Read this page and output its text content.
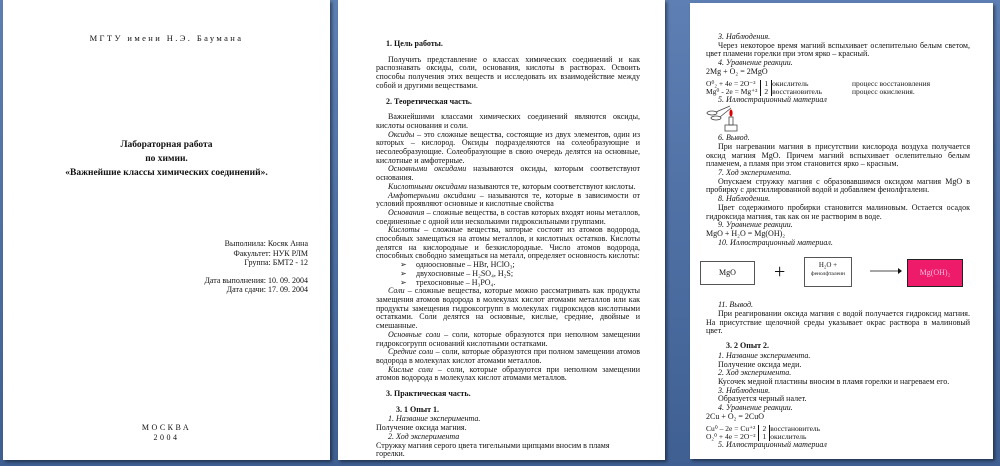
МГТУ имени Н.Э. Баумана
Лабораторная работа
по химии.
«Важнейшие классы химических соединений».
Выполнила: Косяк Анна
Факультет: НУК РЛМ
Группа: БМТ2 - 12
Дата выполнения: 10. 09. 2004
Дата сдачи: 17. 09. 2004
МОСКВА
2004
1. Цель работы.
Получить представление о классах химических соединений и как распознавать оксиды, соли, основания, кислоты в растворах. Освоить способы получения этих веществ и исследовать их взаимодействие между собой и другими веществами.
2. Теоретическая часть.
Важнейшими классами химических соединений являются оксиды, кислоты основания и соли.
Оксиды – это сложные вещества, состоящие из двух элементов, один из которых – кислород. Оксиды подразделяются на солеобразующие и несолеобразующие. Солеобразующие в свою очередь делятся на основные, кислотные и амфотерные.
Основными оксидами называются оксиды, которым соответствуют основания.
Кислотными оксидами называются те, которым соответствуют кислоты.
Амфотерными оксидами – называются те, которые в зависимости от условий проявляют основные и кислотные свойства
Основания – сложные вещества, в состав которых входят ионы металлов, соединенные с одной или несколькими гидроксильными группами.
Кислоты – сложные вещества, которые состоят из атомов водорода, способных замещаться на атомы металлов, и кислотных остатков. Кислоты делятся на кислородные и безкислородные. Число атомов водорода, способных свободно замещаться на металл, определяет основность кислоты:
➢ одноосновные – HBr, HClO₃;
➢ двухосновные – H₂SO₄, H₂S;
➢ трехосновные – H₃PO₄.
Соли – сложные вещества, которые можно рассматривать как продукты замещения атомов водорода в молекулах кислот атомами металлов или как продукты замещения гидроксогрупп в молекулах гидроксидов кислотными остатками. Соли делятся на основные, кислые, средние, двойные и смешанные.
Основные соли – соли, которые образуются при неполном замещении гидроксогрупп оснований кислотными остатками.
Средние соли – соли, которые образуются при полном замещении атомов водорода в молекулах кислот атомами металлов.
Кислые соли – соли, которые образуются при неполном замещении атомов водорода в молекулах кислот атомами металлов.
3. Практическая часть.
3. 1 Опыт 1.
1. Название эксперимента.
Получение оксида магния.
2. Ход эксперимента
Стружку магния серого цвета тигельными щипцами вносим в пламя горелки.
3. Наблюдения.
Через некоторое время магний вспыхивает ослепительно белым светом, цвет пламени горелки при этом ярко – красный.
4. Уравнение реакции.
2Mg + O₂ = 2MgO
O⁰₂ + 4e = 2O⁻²	1	окислитель	процесс восстановления
Mg⁰ - 2e = Mg⁺²	2	восстановитель	процесс окисления.
5. Иллюстрационный материал
6. Вывод.
При нагревании магния в присутствии кислорода воздуха получается оксид магния MgO. Причем магний вспыхивает ослепительно белым пламенем, а пламя при этом становится ярко – красным.
7. Ход эксперимента.
Опускаем стружку магния с образовавшимся оксидом магния MgO в пробирку с дистиллированной водой и добавляем фенолфталеин.
8. Наблюдения.
Цвет содержимого пробирки становится малиновым. Остается осадок гидроксида магния, так как он не растворим в воде.
9. Уравнение реакции.
MgO + H₂O = Mg(OH)₂
10. Иллюстрационный материал.
MgO	+	H₂O +
фенолфталеин	Mg(OH)₂
11. Вывод.
При реагировании оксида магния с водой получается гидроксид магния. На присутствие щелочной среды указывает окрас раствора в малиновый цвет.
3. 2 Опыт 2.
1. Название эксперимента.
Получение оксида меди.
2. Ход эксперимента.
Кусочек медной пластины вносим в пламя горелки и нагреваем его.
3. Наблюдения.
Образуется черный налет.
4. Уравнение реакции.
2Cu + O₂ = 2CuO
Cu⁰ – 2e = Cu⁺²	2	восстановитель
O₂⁰ + 4e = 2O⁻²	1	окислитель
5. Иллюстрационный материал
